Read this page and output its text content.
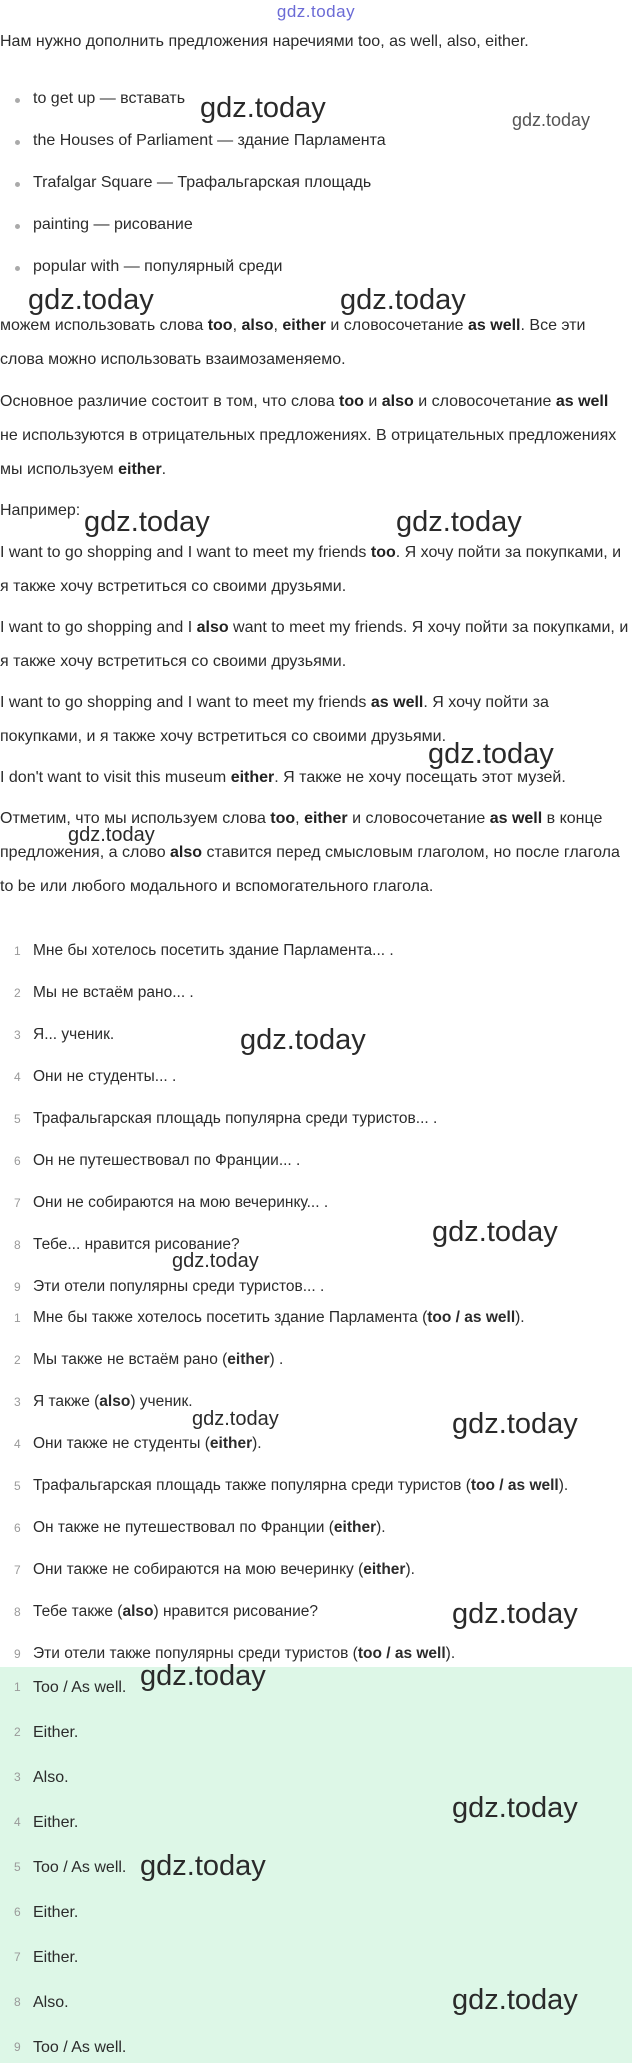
gdz.today

Нам нужно дополнить предложения наречиями too, as well, also, either.

to get up — вставать
the Houses of Parliament — здание Парламента
Trafalgar Square — Трафальгарская площадь
painting — рисование
popular with — популярный среди

можем использовать слова too, also, either и словосочетание as well. Все эти слова можно использовать взаимозаменяемо.

Основное различие состоит в том, что слова too и also и словосочетание as well не используются в отрицательных предложениях. В отрицательных предложениях мы используем either.

Например:

I want to go shopping and I want to meet my friends too. Я хочу пойти за покупками, и я также хочу встретиться со своими друзьями.

I want to go shopping and I also want to meet my friends. Я хочу пойти за покупками, и я также хочу встретиться со своими друзьями.

I want to go shopping and I want to meet my friends as well. Я хочу пойти за покупками, и я также хочу встретиться со своими друзьями.

I don't want to visit this museum either. Я также не хочу посещать этот музей.

Отметим, что мы используем слова too, either и словосочетание as well в конце предложения, а слово also ставится перед смысловым глаголом, но после глагола to be или любого модального и вспомогательного глагола.

1 Мне бы хотелось посетить здание Парламента... .
2 Мы не встаём рано... .
3 Я... ученик.
4 Они не студенты... .
5 Трафальгарская площадь популярна среди туристов... .
6 Он не путешествовал по Франции... .
7 Они не собираются на мою вечеринку... .
8 Тебе... нравится рисование?
9 Эти отели популярны среди туристов... .
1 Мне бы также хотелось посетить здание Парламента (too / as well).
2 Мы также не встаём рано (either) .
3 Я также (also) ученик.
4 Они также не студенты (either).
5 Трафальгарская площадь также популярна среди туристов (too / as well).
6 Он также не путешествовал по Франции (either).
7 Они также не собираются на мою вечеринку (either).
8 Тебе также (also) нравится рисование?
9 Эти отели также популярны среди туристов (too / as well).
1 Too / As well.
2 Either.
3 Also.
4 Either.
5 Too / As well.
6 Either.
7 Either.
8 Also.
9 Too / As well.
gdz.today	gdz.today
gdz.today	gdz.today
gdz.today	gdz.today
gdz.today
gdz.today
gdz.today
gdz.today
gdz.today
gdz.today	gdz.today
gdz.today
gdz.today
gdz.today
gdz.today
gdz.today
